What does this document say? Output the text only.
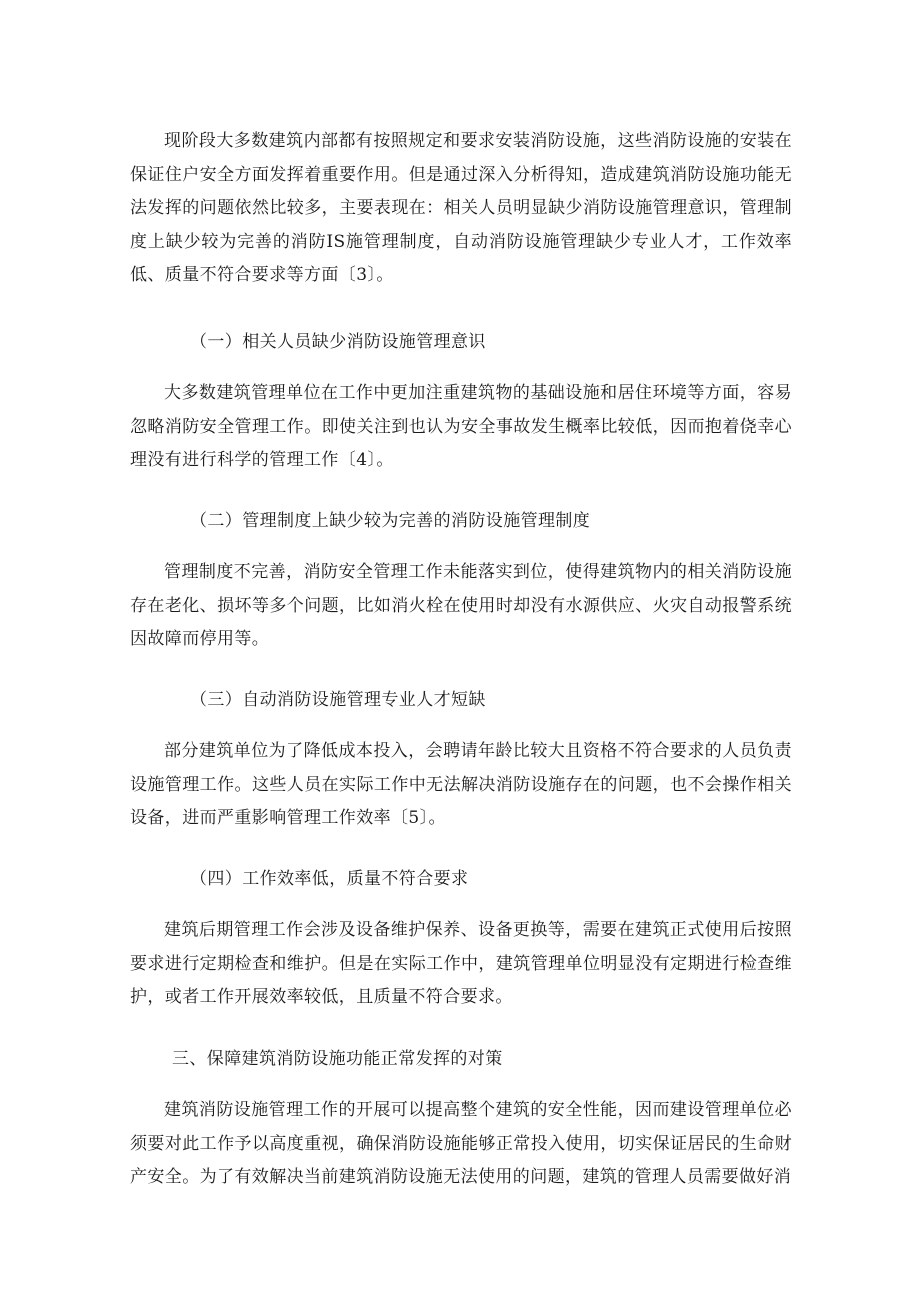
现阶段大多数建筑内部都有按照规定和要求安装消防设施，这些消防设施的安装在保证住户安全方面发挥着重要作用。但是通过深入分析得知，造成建筑消防设施功能无法发挥的问题依然比较多，主要表现在：相关人员明显缺少消防设施管理意识，管理制度上缺少较为完善的消防IS施管理制度，自动消防设施管理缺少专业人才，工作效率低、质量不符合要求等方面〔3〕。

（一）相关人员缺少消防设施管理意识

大多数建筑管理单位在工作中更加注重建筑物的基础设施和居住环境等方面，容易忽略消防安全管理工作。即使关注到也认为安全事故发生概率比较低，因而抱着侥幸心理没有进行科学的管理工作〔4〕。

（二）管理制度上缺少较为完善的消防设施管理制度

管理制度不完善，消防安全管理工作未能落实到位，使得建筑物内的相关消防设施存在老化、损坏等多个问题，比如消火栓在使用时却没有水源供应、火灾自动报警系统因故障而停用等。

（三）自动消防设施管理专业人才短缺

部分建筑单位为了降低成本投入，会聘请年龄比较大且资格不符合要求的人员负责设施管理工作。这些人员在实际工作中无法解决消防设施存在的问题，也不会操作相关设备，进而严重影响管理工作效率〔5〕。

（四）工作效率低，质量不符合要求

建筑后期管理工作会涉及设备维护保养、设备更换等，需要在建筑正式使用后按照要求进行定期检查和维护。但是在实际工作中，建筑管理单位明显没有定期进行检查维护，或者工作开展效率较低，且质量不符合要求。

三、保障建筑消防设施功能正常发挥的对策

建筑消防设施管理工作的开展可以提高整个建筑的安全性能，因而建设管理单位必须要对此工作予以高度重视，确保消防设施能够正常投入使用，切实保证居民的生命财产安全。为了有效解决当前建筑消防设施无法使用的问题，建筑的管理人员需要做好消
